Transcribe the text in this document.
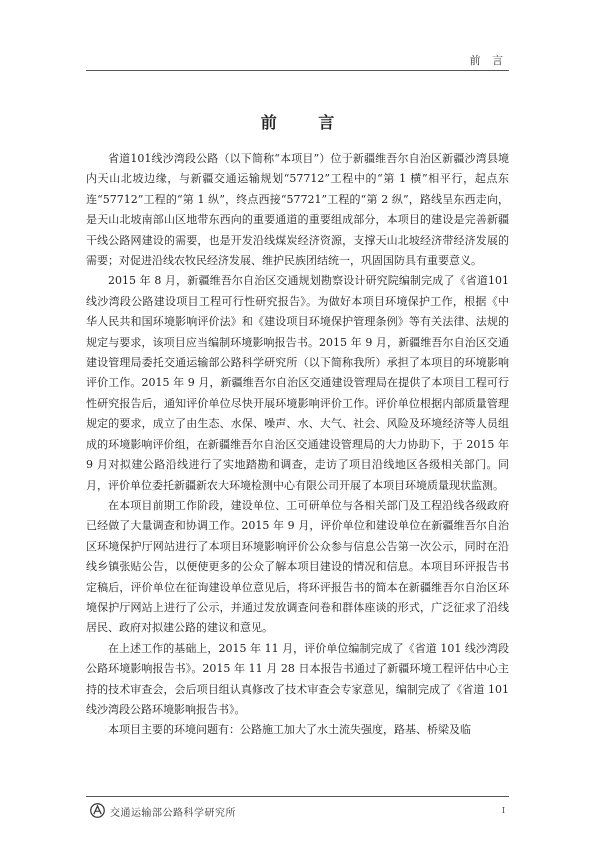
前 言
前 言

省道101线沙湾段公路（以下简称“本项目”）位于新疆维吾尔自治区新疆沙湾县境内天山北坡边缘，与新疆交通运输规划“57712”工程中的“第 1 横”相平行，起点东连“57712”工程的“第 1 纵”，终点西接“57721”工程的“第 2 纵”，路线呈东西走向，是天山北坡南部山区地带东西向的重要通道的重要组成部分，本项目的建设是完善新疆干线公路网建设的需要，也是开发沿线煤炭经济资源，支撑天山北坡经济带经济发展的需要；对促进沿线农牧民经济发展、维护民族团结统一，巩固国防具有重要意义。

2015 年 8 月，新疆维吾尔自治区交通规划勘察设计研究院编制完成了《省道101 线沙湾段公路建设项目工程可行性研究报告》。为做好本项目环境保护工作，根据《中华人民共和国环境影响评价法》和《建设项目环境保护管理条例》等有关法律、法规的规定与要求，该项目应当编制环境影响报告书。2015 年 9 月，新疆维吾尔自治区交通建设管理局委托交通运输部公路科学研究所（以下简称我所）承担了本项目的环境影响评价工作。2015 年 9 月，新疆维吾尔自治区交通建设管理局在提供了本项目工程可行性研究报告后，通知评价单位尽快开展环境影响评价工作。评价单位根据内部质量管理规定的要求，成立了由生态、水保、噪声、水、大气、社会、风险及环境经济等人员组成的环境影响评价组，在新疆维吾尔自治区交通建设管理局的大力协助下，于 2015 年 9 月对拟建公路沿线进行了实地踏勘和调查，走访了项目沿线地区各级相关部门。同月，评价单位委托新疆新农大环境检测中心有限公司开展了本项目环境质量现状监测。

在本项目前期工作阶段，建设单位、工可研单位与各相关部门及工程沿线各级政府已经做了大量调查和协调工作。2015 年 9 月，评价单位和建设单位在新疆维吾尔自治区环境保护厅网站进行了本项目环境影响评价公众参与信息公告第一次公示，同时在沿线乡镇张贴公告，以便使更多的公众了解本项目建设的情况和信息。本项目环评报告书定稿后，评价单位在征询建设单位意见后，将环评报告书的简本在新疆维吾尔自治区环境保护厅网站上进行了公示，并通过发放调查问卷和群体座谈的形式，广泛征求了沿线居民、政府对拟建公路的建议和意见。

在上述工作的基础上，2015 年 11 月，评价单位编制完成了《省道 101 线沙湾段公路环境影响报告书》。2015 年 11 月 28 日本报告书通过了新疆环境工程评估中心主持的技术审查会，会后项目组认真修改了技术审查会专家意见，编制完成了《省道 101 线沙湾段公路环境影响报告书》。

本项目主要的环境问题有：公路施工加大了水土流失强度，路基、桥梁及临

交通运输部公路科学研究所	I
